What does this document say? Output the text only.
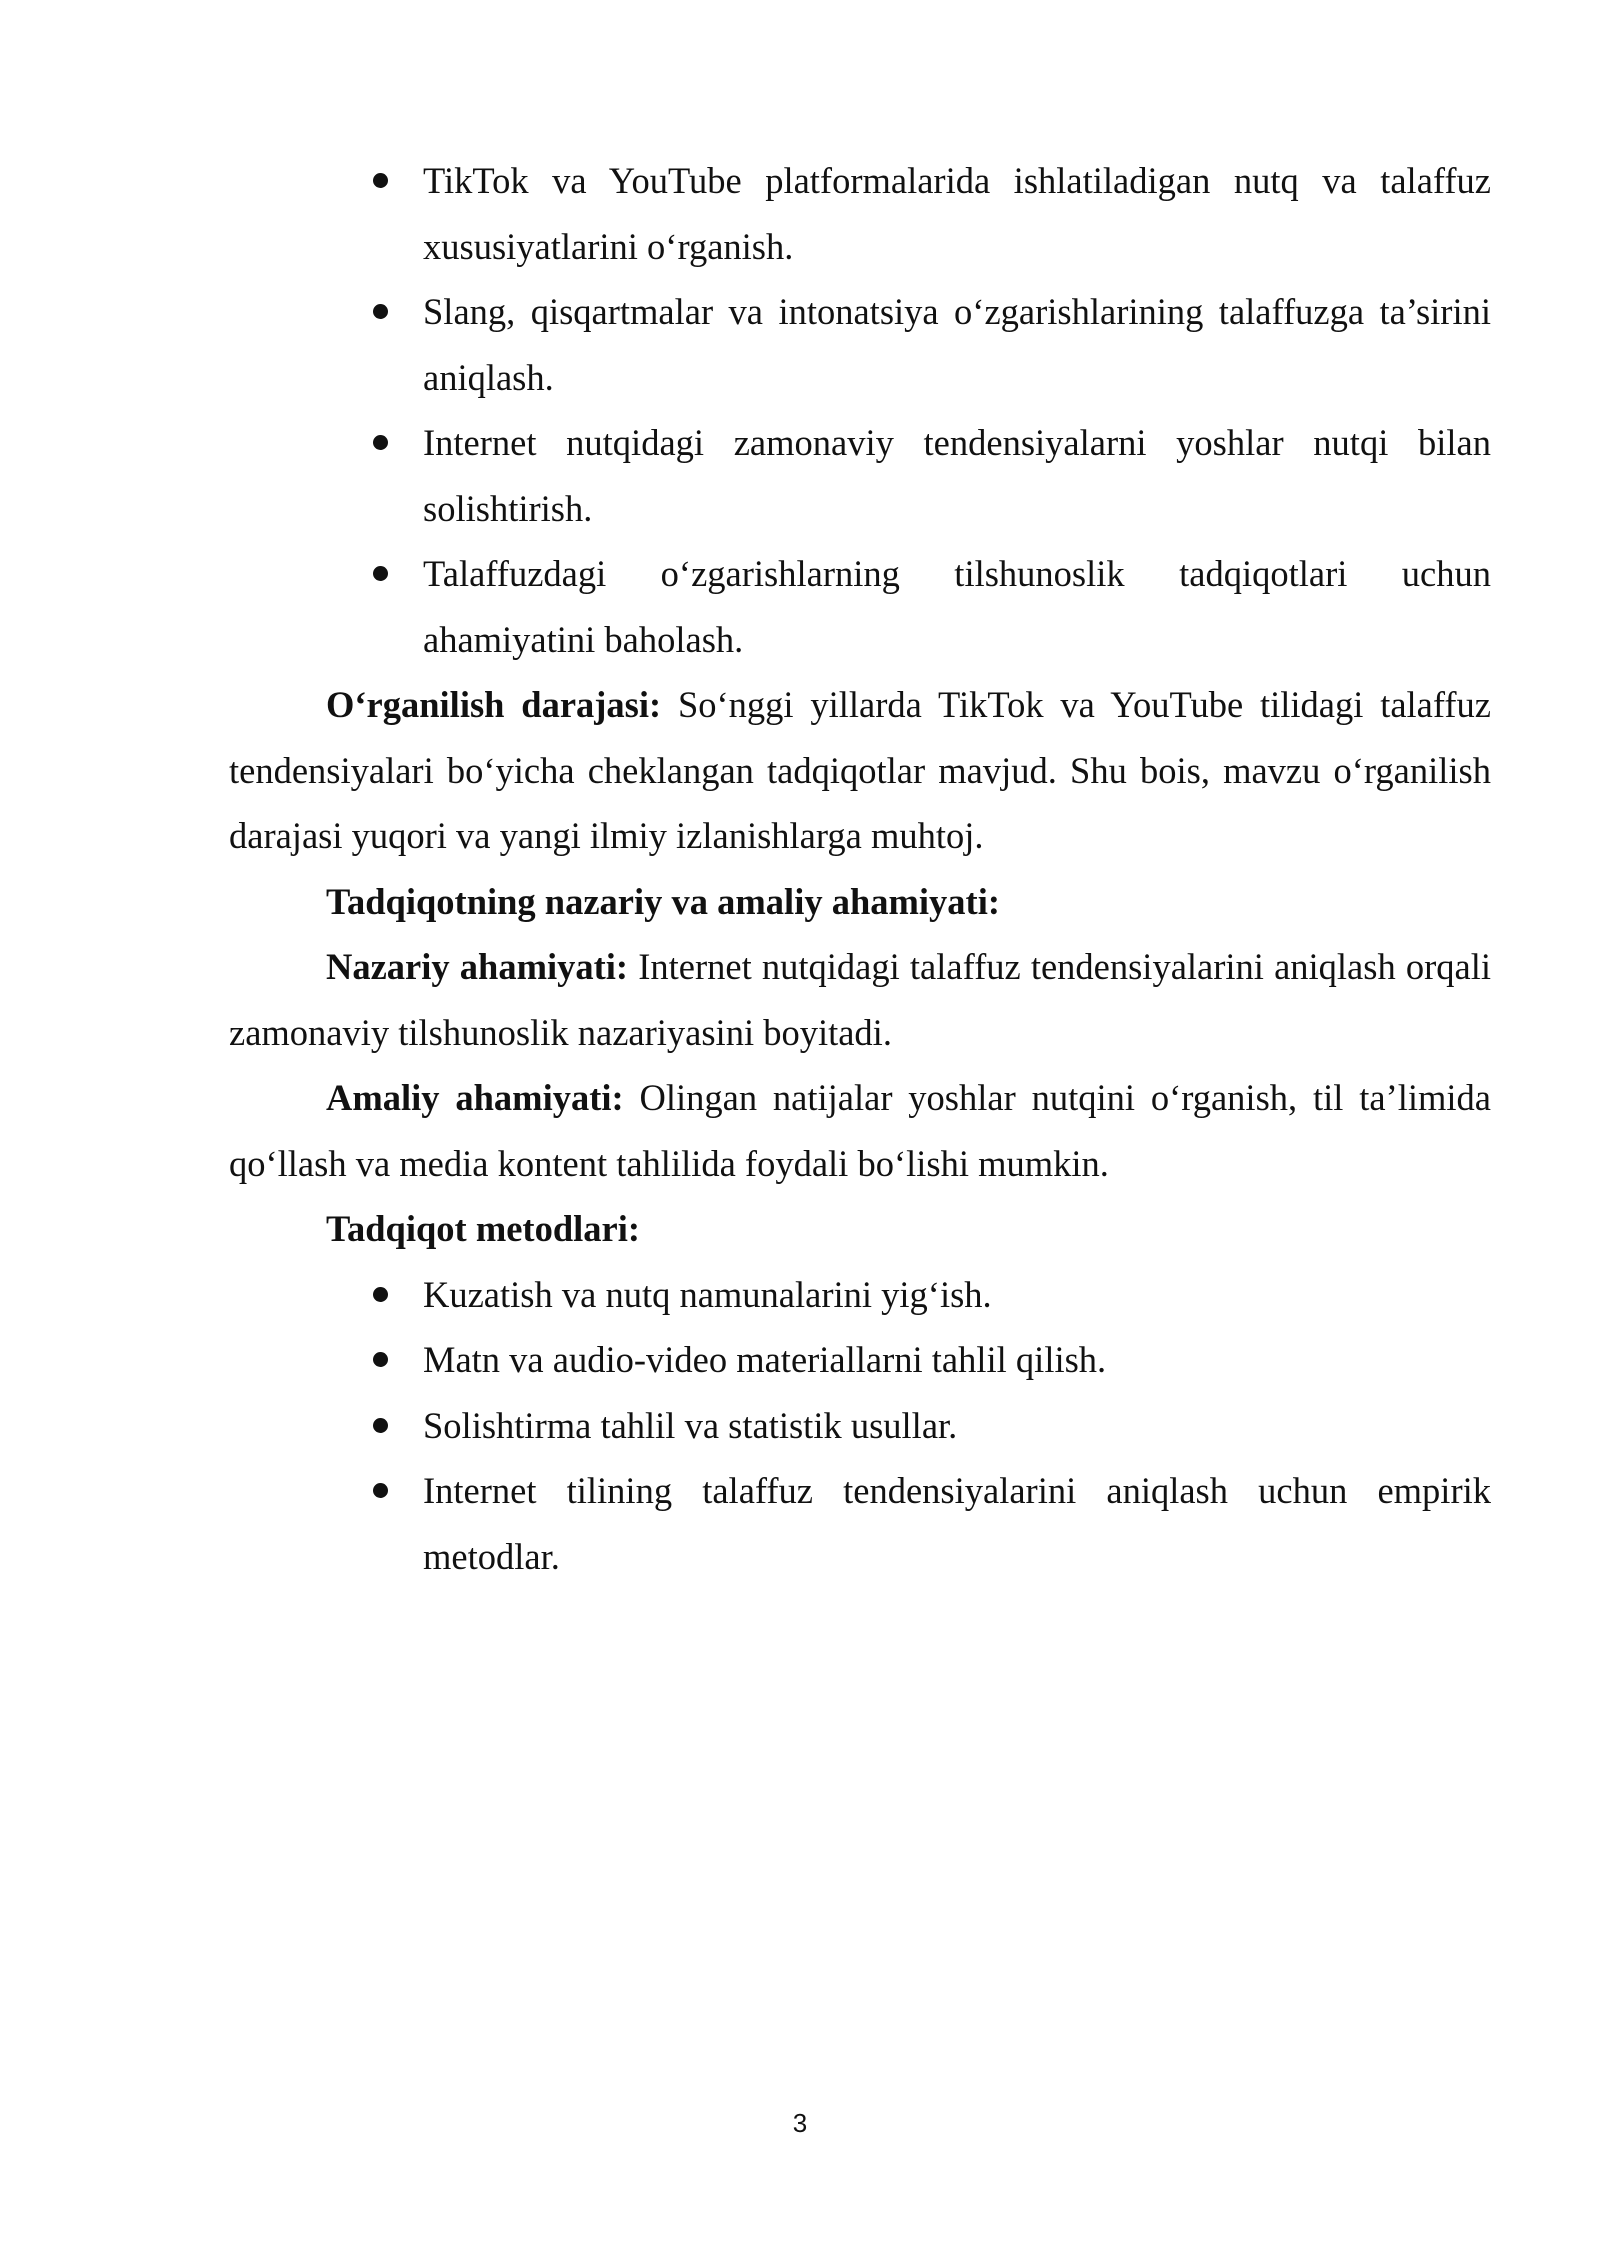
TikTok va YouTube platformalarida ishlatiladigan nutq va talaffuz xususiyatlarini o‘rganish.
Slang, qisqartmalar va intonatsiya o‘zgarishlarining talaffuzga ta’sirini aniqlash.
Internet nutqidagi zamonaviy tendensiyalarni yoshlar nutqi bilan solishtirish.
Talaffuzdagi o‘zgarishlarning tilshunoslik tadqiqotlari uchun ahamiyatini baholash.

O‘rganilish darajasi: So‘nggi yillarda TikTok va YouTube tilidagi talaffuz tendensiyalari bo‘yicha cheklangan tadqiqotlar mavjud. Shu bois, mavzu o‘rganilish darajasi yuqori va yangi ilmiy izlanishlarga muhtoj.

Tadqiqotning nazariy va amaliy ahamiyati:

Nazariy ahamiyati: Internet nutqidagi talaffuz tendensiyalarini aniqlash orqali zamonaviy tilshunoslik nazariyasini boyitadi.

Amaliy ahamiyati: Olingan natijalar yoshlar nutqini o‘rganish, til ta’limida qo‘llash va media kontent tahlilida foydali bo‘lishi mumkin.

Tadqiqot metodlari:

Kuzatish va nutq namunalarini yig‘ish.
Matn va audio-video materiallarni tahlil qilish.
Solishtirma tahlil va statistik usullar.
Internet tilining talaffuz tendensiyalarini aniqlash uchun empirik metodlar.
3
